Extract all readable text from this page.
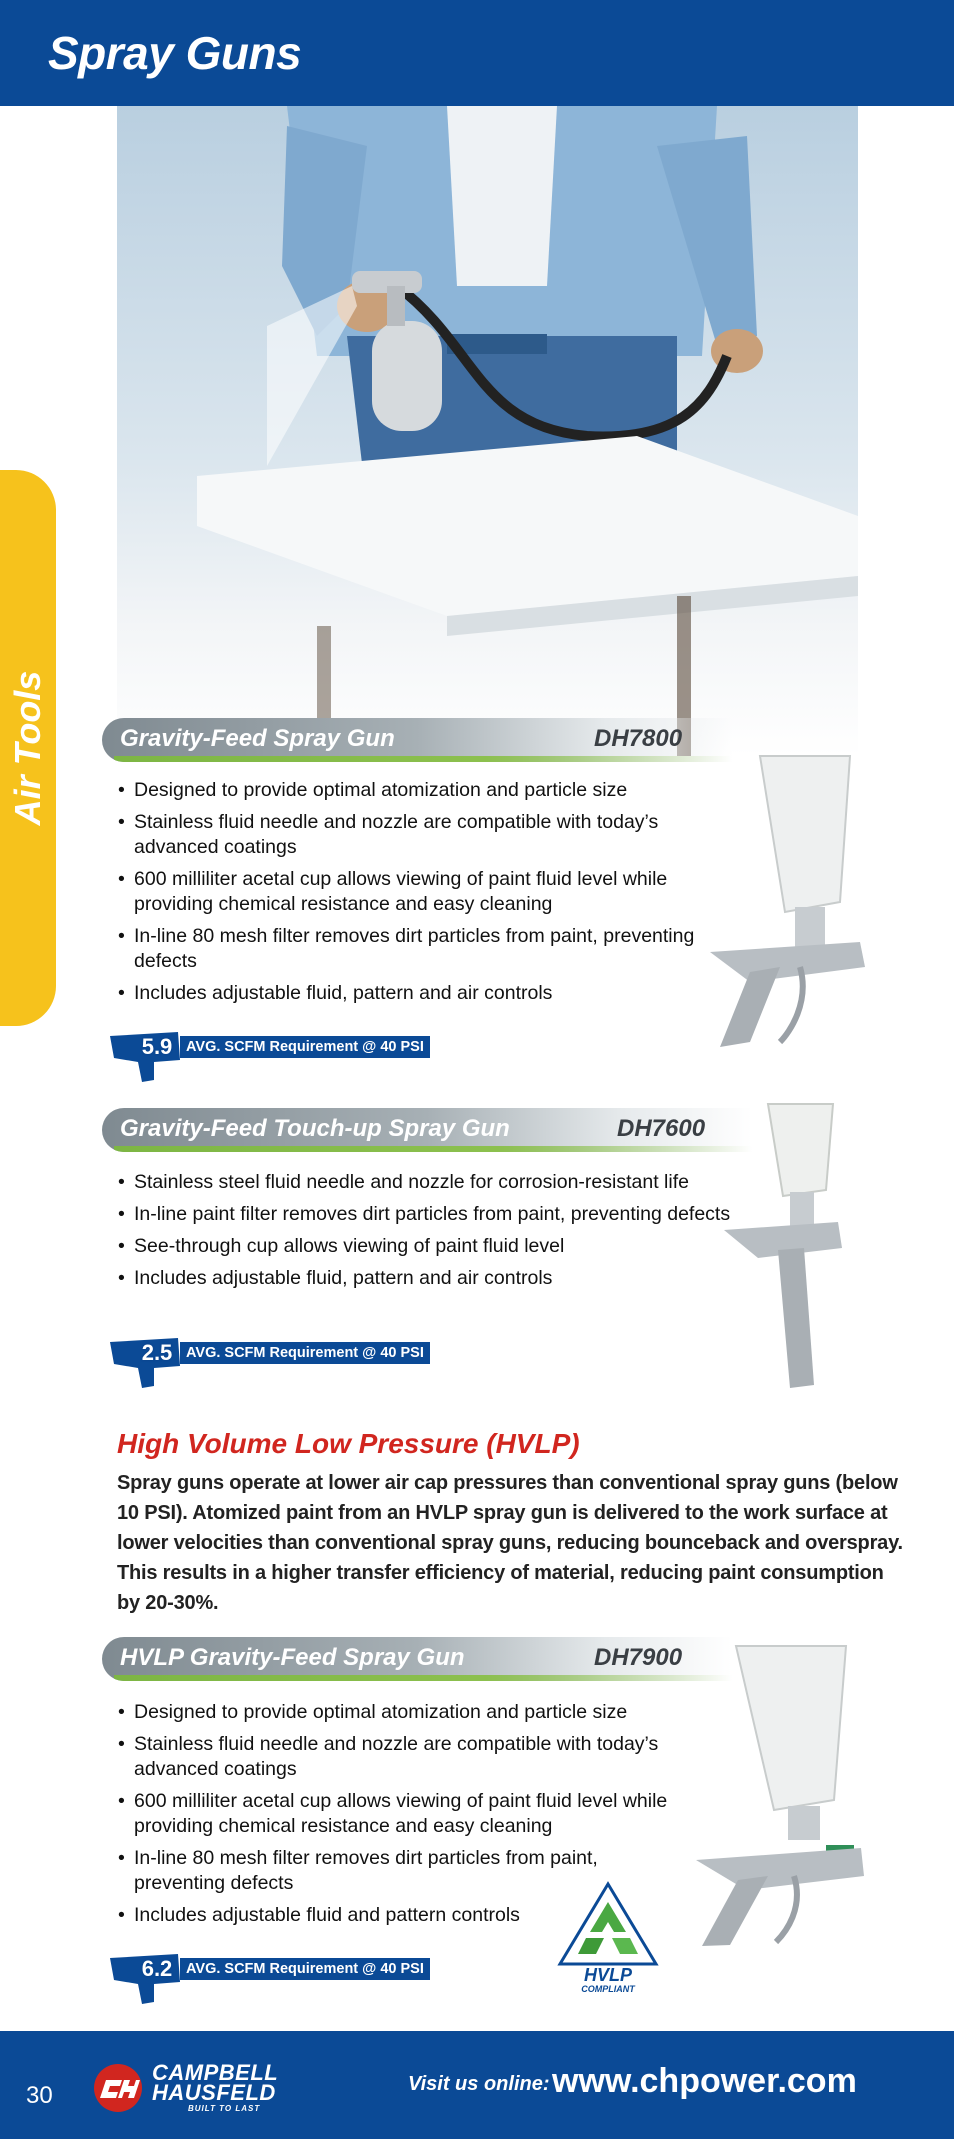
Spray Guns
Air Tools	Gravity-Feed Spray Gun	DH7800
• Designed to provide optimal atomization and particle size
• Stainless fluid needle and nozzle are compatible with today’s advanced coatings
• 600 milliliter acetal cup allows viewing of paint fluid level while providing chemical resistance and easy cleaning
• In-line 80 mesh filter removes dirt particles from paint, preventing defects
• Includes adjustable fluid, pattern and air controls
5.9 AVG. SCFM Requirement @ 40 PSI
Gravity-Feed Touch-up Spray Gun	DH7600
• Stainless steel fluid needle and nozzle for corrosion-resistant life
• In-line paint filter removes dirt particles from paint, preventing defects
• See-through cup allows viewing of paint fluid level
• Includes adjustable fluid, pattern and air controls
2.5 AVG. SCFM Requirement @ 40 PSI
High Volume Low Pressure (HVLP)
Spray guns operate at lower air cap pressures than conventional spray guns (below 10 PSI). Atomized paint from an HVLP spray gun is delivered to the work surface at lower velocities than conventional spray guns, reducing bounceback and overspray. This results in a higher transfer efficiency of material, reducing paint consumption by 20-30%.
HVLP Gravity-Feed Spray Gun	DH7900
• Designed to provide optimal atomization and particle size
• Stainless fluid needle and nozzle are compatible with today’s advanced coatings
• 600 milliliter acetal cup allows viewing of paint fluid level while providing chemical resistance and easy cleaning
• In-line 80 mesh filter removes dirt particles from paint, preventing defects
• Includes adjustable fluid and pattern controls
6.2 AVG. SCFM Requirement @ 40 PSI	HVLP
COMPLIANT
30
CAMPBELL
HAUSFELD
BUILT TO LAST
Visit us online: www.chpower.com
